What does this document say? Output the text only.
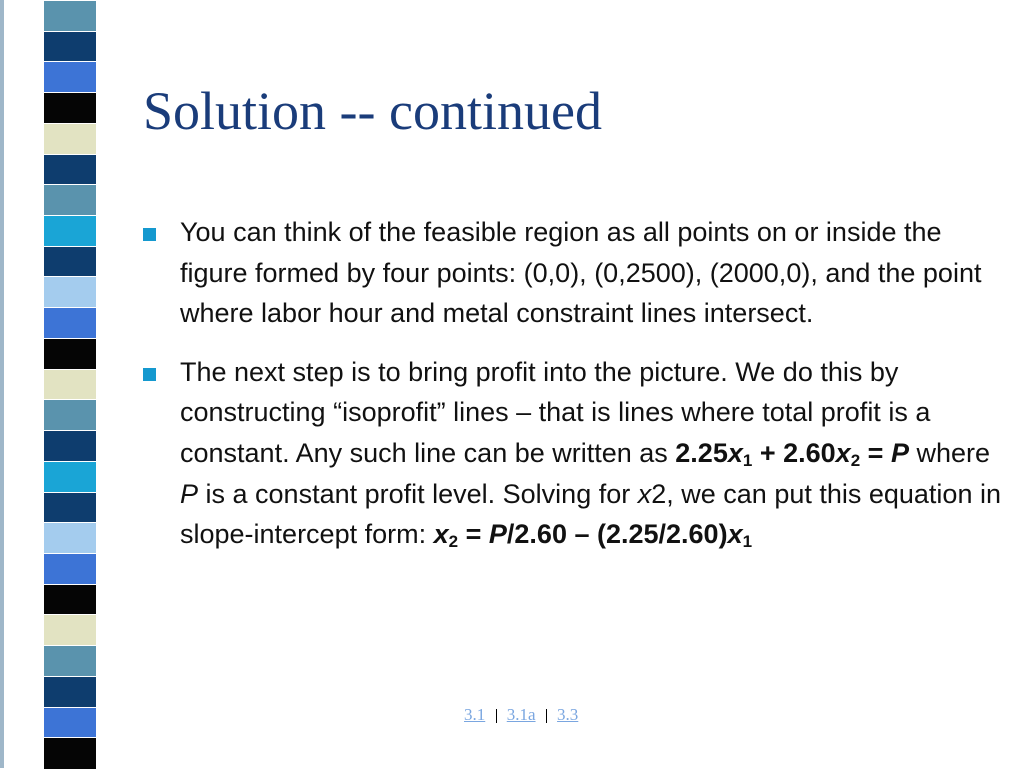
Solution -- continued
You can think of the feasible region as all points on or inside the figure formed by four points: (0,0), (0,2500), (2000,0), and the point where labor hour and metal constraint lines intersect.
The next step is to bring profit into the picture. We do this by constructing “isoprofit” lines – that is lines where total profit is a constant. Any such line can be written as $2.25x_1 + 2.60x_2 = P$ where P is a constant profit level. Solving for x2, we can put this equation in slope-intercept form: $x_2 = P/2.60 - (2.25/2.60)x_1$
3.1 3.1a 3.3
